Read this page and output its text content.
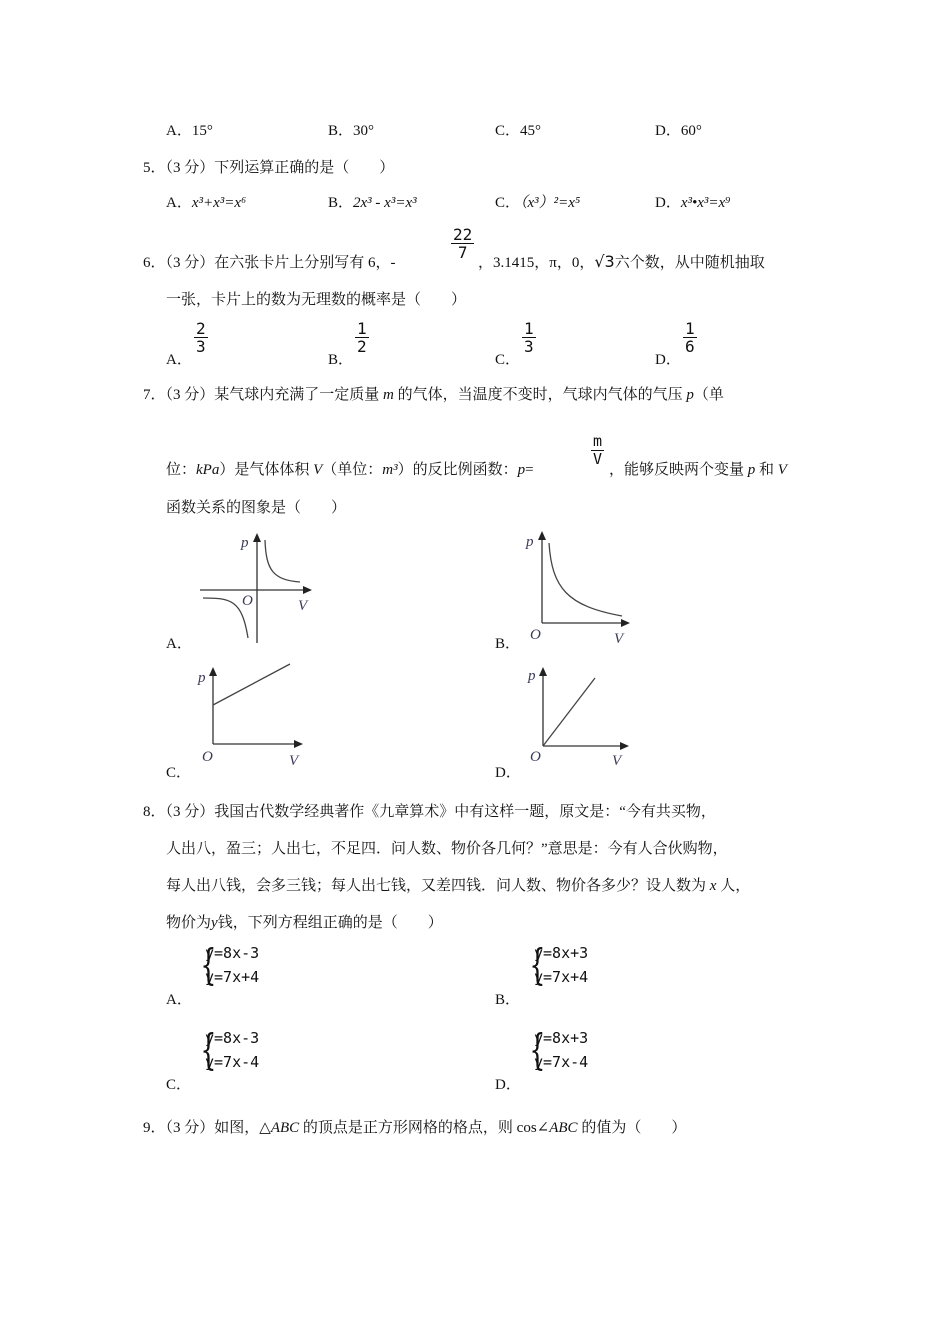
A．15°	B．30°	C．45°	D．60°
5．（3 分）下列运算正确的是（　　）
A．x³+x³=x⁶	B．2x³ - x³=x³	C．（x³）²=x⁵	D．x³•x³=x⁹
6．（3 分）在六张卡片上分别写有 6，-
$\frac{22}{7}$
，3.1415，π，0，√3六个数，从中随机抽取
一张，卡片上的数为无理数的概率是（　　）
A．
$\frac{2}{3}$
B．
$\frac{1}{2}$
C．
$\frac{1}{3}$
D．
$\frac{1}{6}$
7．（3 分）某气球内充满了一定质量 m 的气体，当温度不变时，气球内气体的气压 p（单
位：kPa）是气体体积 V（单位：m³）的反比例函数：p=
$\frac{m}{V}$
，能够反映两个变量 p 和 V
函数关系的图象是（　　）
A．
p
O	V
B．
p
O	V
C．
p
O	V
D．
p
O	V
8．（3 分）我国古代数学经典著作《九章算术》中有这样一题，原文是：“今有共买物，
人出八，盈三；人出七，不足四．问人数、物价各几何？”意思是：今有人合伙购物，
每人出八钱，会多三钱；每人出七钱，又差四钱．问人数、物价各多少？设人数为 x 人，
物价为y钱，下列方程组正确的是（　　）
A．
{
y=8x-3
y=7x+4
B．
{
y=8x+3
y=7x+4
C．
{
y=8x-3
y=7x-4
D．
{
y=8x+3
y=7x-4
9．（3 分）如图，△ABC 的顶点是正方形网格的格点，则 cos∠ABC 的值为（　　）
